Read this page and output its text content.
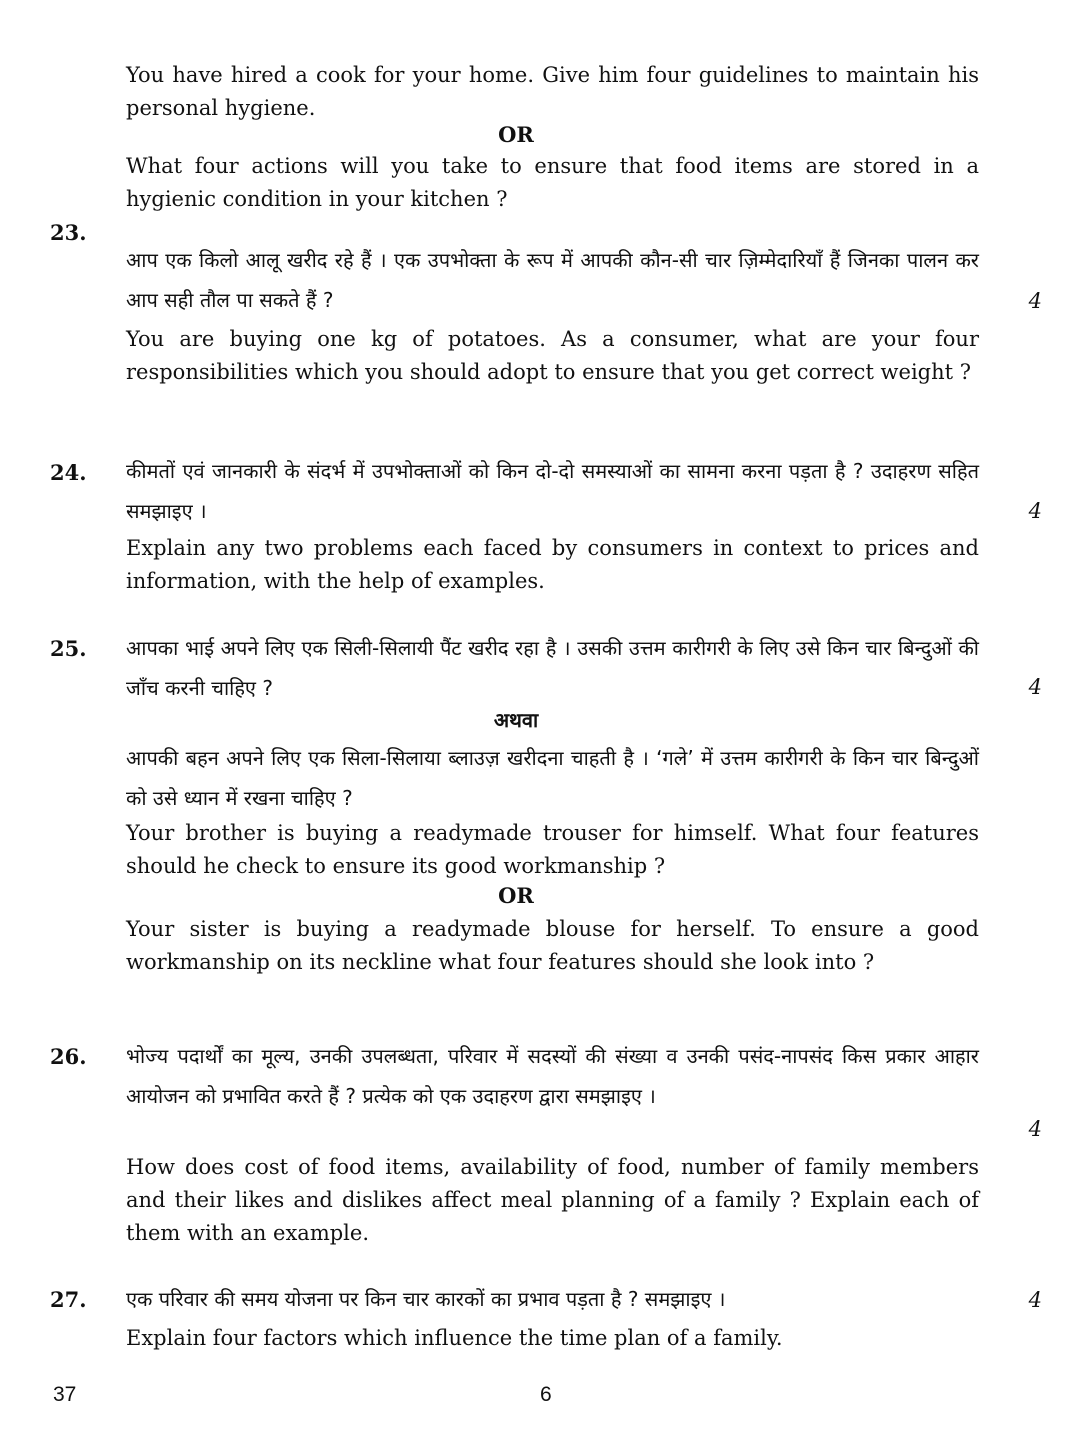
You have hired a cook for your home. Give him four guidelines to maintain his personal hygiene.
OR
What four actions will you take to ensure that food items are stored in a hygienic condition in your kitchen ?
23.
आप एक किलो आलू खरीद रहे हैं । एक उपभोक्ता के रूप में आपकी कौन-सी चार ज़िम्मेदारियाँ हैं जिनका पालन कर आप सही तौल पा सकते हैं ?	4
You are buying one kg of potatoes. As a consumer, what are your four responsibilities which you should adopt to ensure that you get correct weight ?
24. कीमतों एवं जानकारी के संदर्भ में उपभोक्ताओं को किन दो-दो समस्याओं का सामना करना पड़ता है ? उदाहरण सहित समझाइए ।	4
Explain any two problems each faced by consumers in context to prices and information, with the help of examples.
25. आपका भाई अपने लिए एक सिली-सिलायी पैंट खरीद रहा है । उसकी उत्तम कारीगरी के लिए उसे किन चार बिन्दुओं की जाँच करनी चाहिए ?	4
अथवा
आपकी बहन अपने लिए एक सिला-सिलाया ब्लाउज़ खरीदना चाहती है । ‘गले’ में उत्तम कारीगरी के किन चार बिन्दुओं को उसे ध्यान में रखना चाहिए ?
Your brother is buying a readymade trouser for himself. What four features should he check to ensure its good workmanship ?
OR
Your sister is buying a readymade blouse for herself. To ensure a good workmanship on its neckline what four features should she look into ?
26. भोज्य पदार्थों का मूल्य, उनकी उपलब्धता, परिवार में सदस्यों की संख्या व उनकी पसंद-नापसंद किस प्रकार आहार आयोजन को प्रभावित करते हैं ? प्रत्येक को एक उदाहरण द्वारा समझाइए ।
4
How does cost of food items, availability of food, number of family members and their likes and dislikes affect meal planning of a family ? Explain each of them with an example.
27. एक परिवार की समय योजना पर किन चार कारकों का प्रभाव पड़ता है ? समझाइए ।	4
Explain four factors which influence the time plan of a family.
37	6
